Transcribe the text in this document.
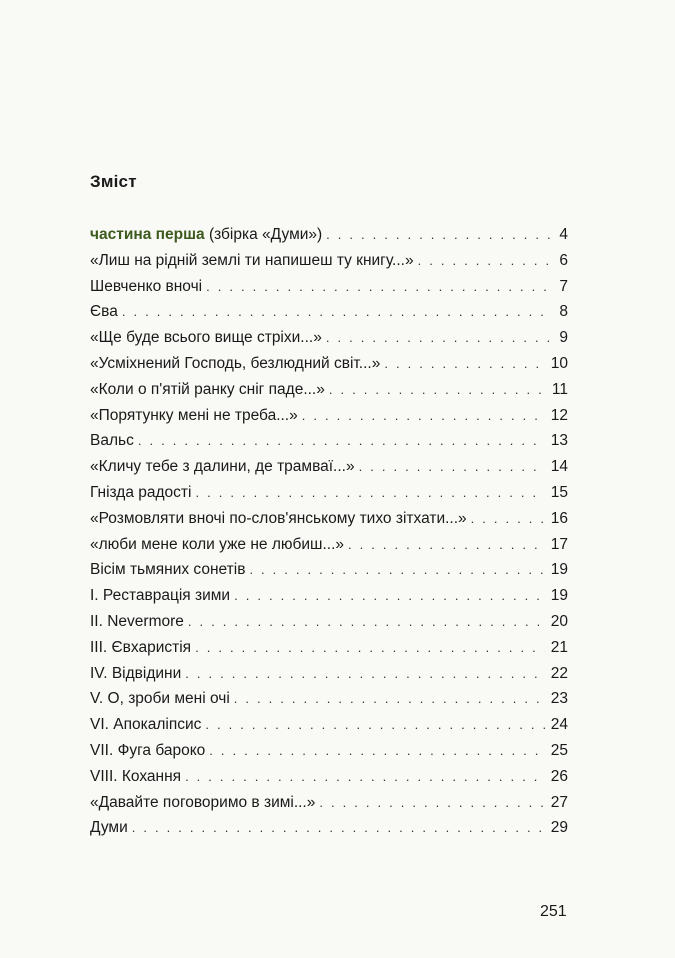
Зміст
частина перша (збірка «Думи») . . .	4
«Лиш на рідній землі ти напишеш ту книгу...» . . .	6
Шевченко вночі . . .	7
Єва . . .	8
«Ще буде всього вище стріхи...» . . .	9
«Усміхнений Господь, безлюдний світ...» . . .	10
«Коли о п'ятій ранку сніг паде...» . . .	11
«Порятунку мені не треба...» . . .	12
Вальс . . .	13
«Кличу тебе з далини, де трамваї...» . . .	14
Гнізда радості . . .	15
«Розмовляти вночі по-слов'янському тихо зітхати...» . . .	16
«люби мене коли уже не любиш...» . . .	17
Вісім тьмяних сонетів . . .	19
I. Реставрація зими . . .	19
II. Nevermore . . .	20
III. Євхаристія . . .	21
IV. Відвідини . . .	22
V. О, зроби мені очі . . .	23
VI. Апокаліпсис . . .	24
VII. Фуга бароко . . .	25
VIII. Кохання . . .	26
«Давайте поговоримо в зимі...» . . .	27
Думи . . .	29
251
